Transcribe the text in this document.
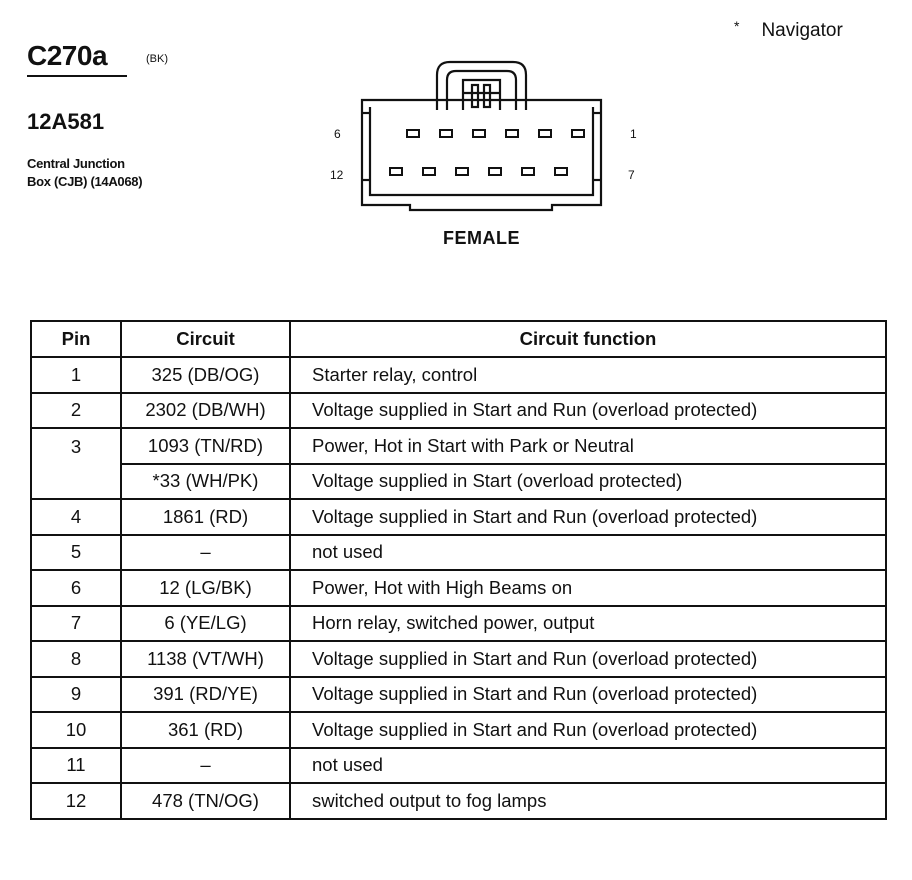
C270a	(BK)
12A581
Central Junction
Box (CJB) (14A068)
* Navigator
6	1
12	7
FEMALE
Pin	Circuit	Circuit function
1	325 (DB/OG)	Starter relay, control
2	2302 (DB/WH)	Voltage supplied in Start and Run (overload protected)
3	1093 (TN/RD)	Power, Hot in Start with Park or Neutral
	*33 (WH/PK)	Voltage supplied in Start (overload protected)
4	1861 (RD)	Voltage supplied in Start and Run (overload protected)
5	–	not used
6	12 (LG/BK)	Power, Hot with High Beams on
7	6 (YE/LG)	Horn relay, switched power, output
8	1138 (VT/WH)	Voltage supplied in Start and Run (overload protected)
9	391 (RD/YE)	Voltage supplied in Start and Run (overload protected)
10	361 (RD)	Voltage supplied in Start and Run (overload protected)
11	–	not used
12	478 (TN/OG)	switched output to fog lamps
